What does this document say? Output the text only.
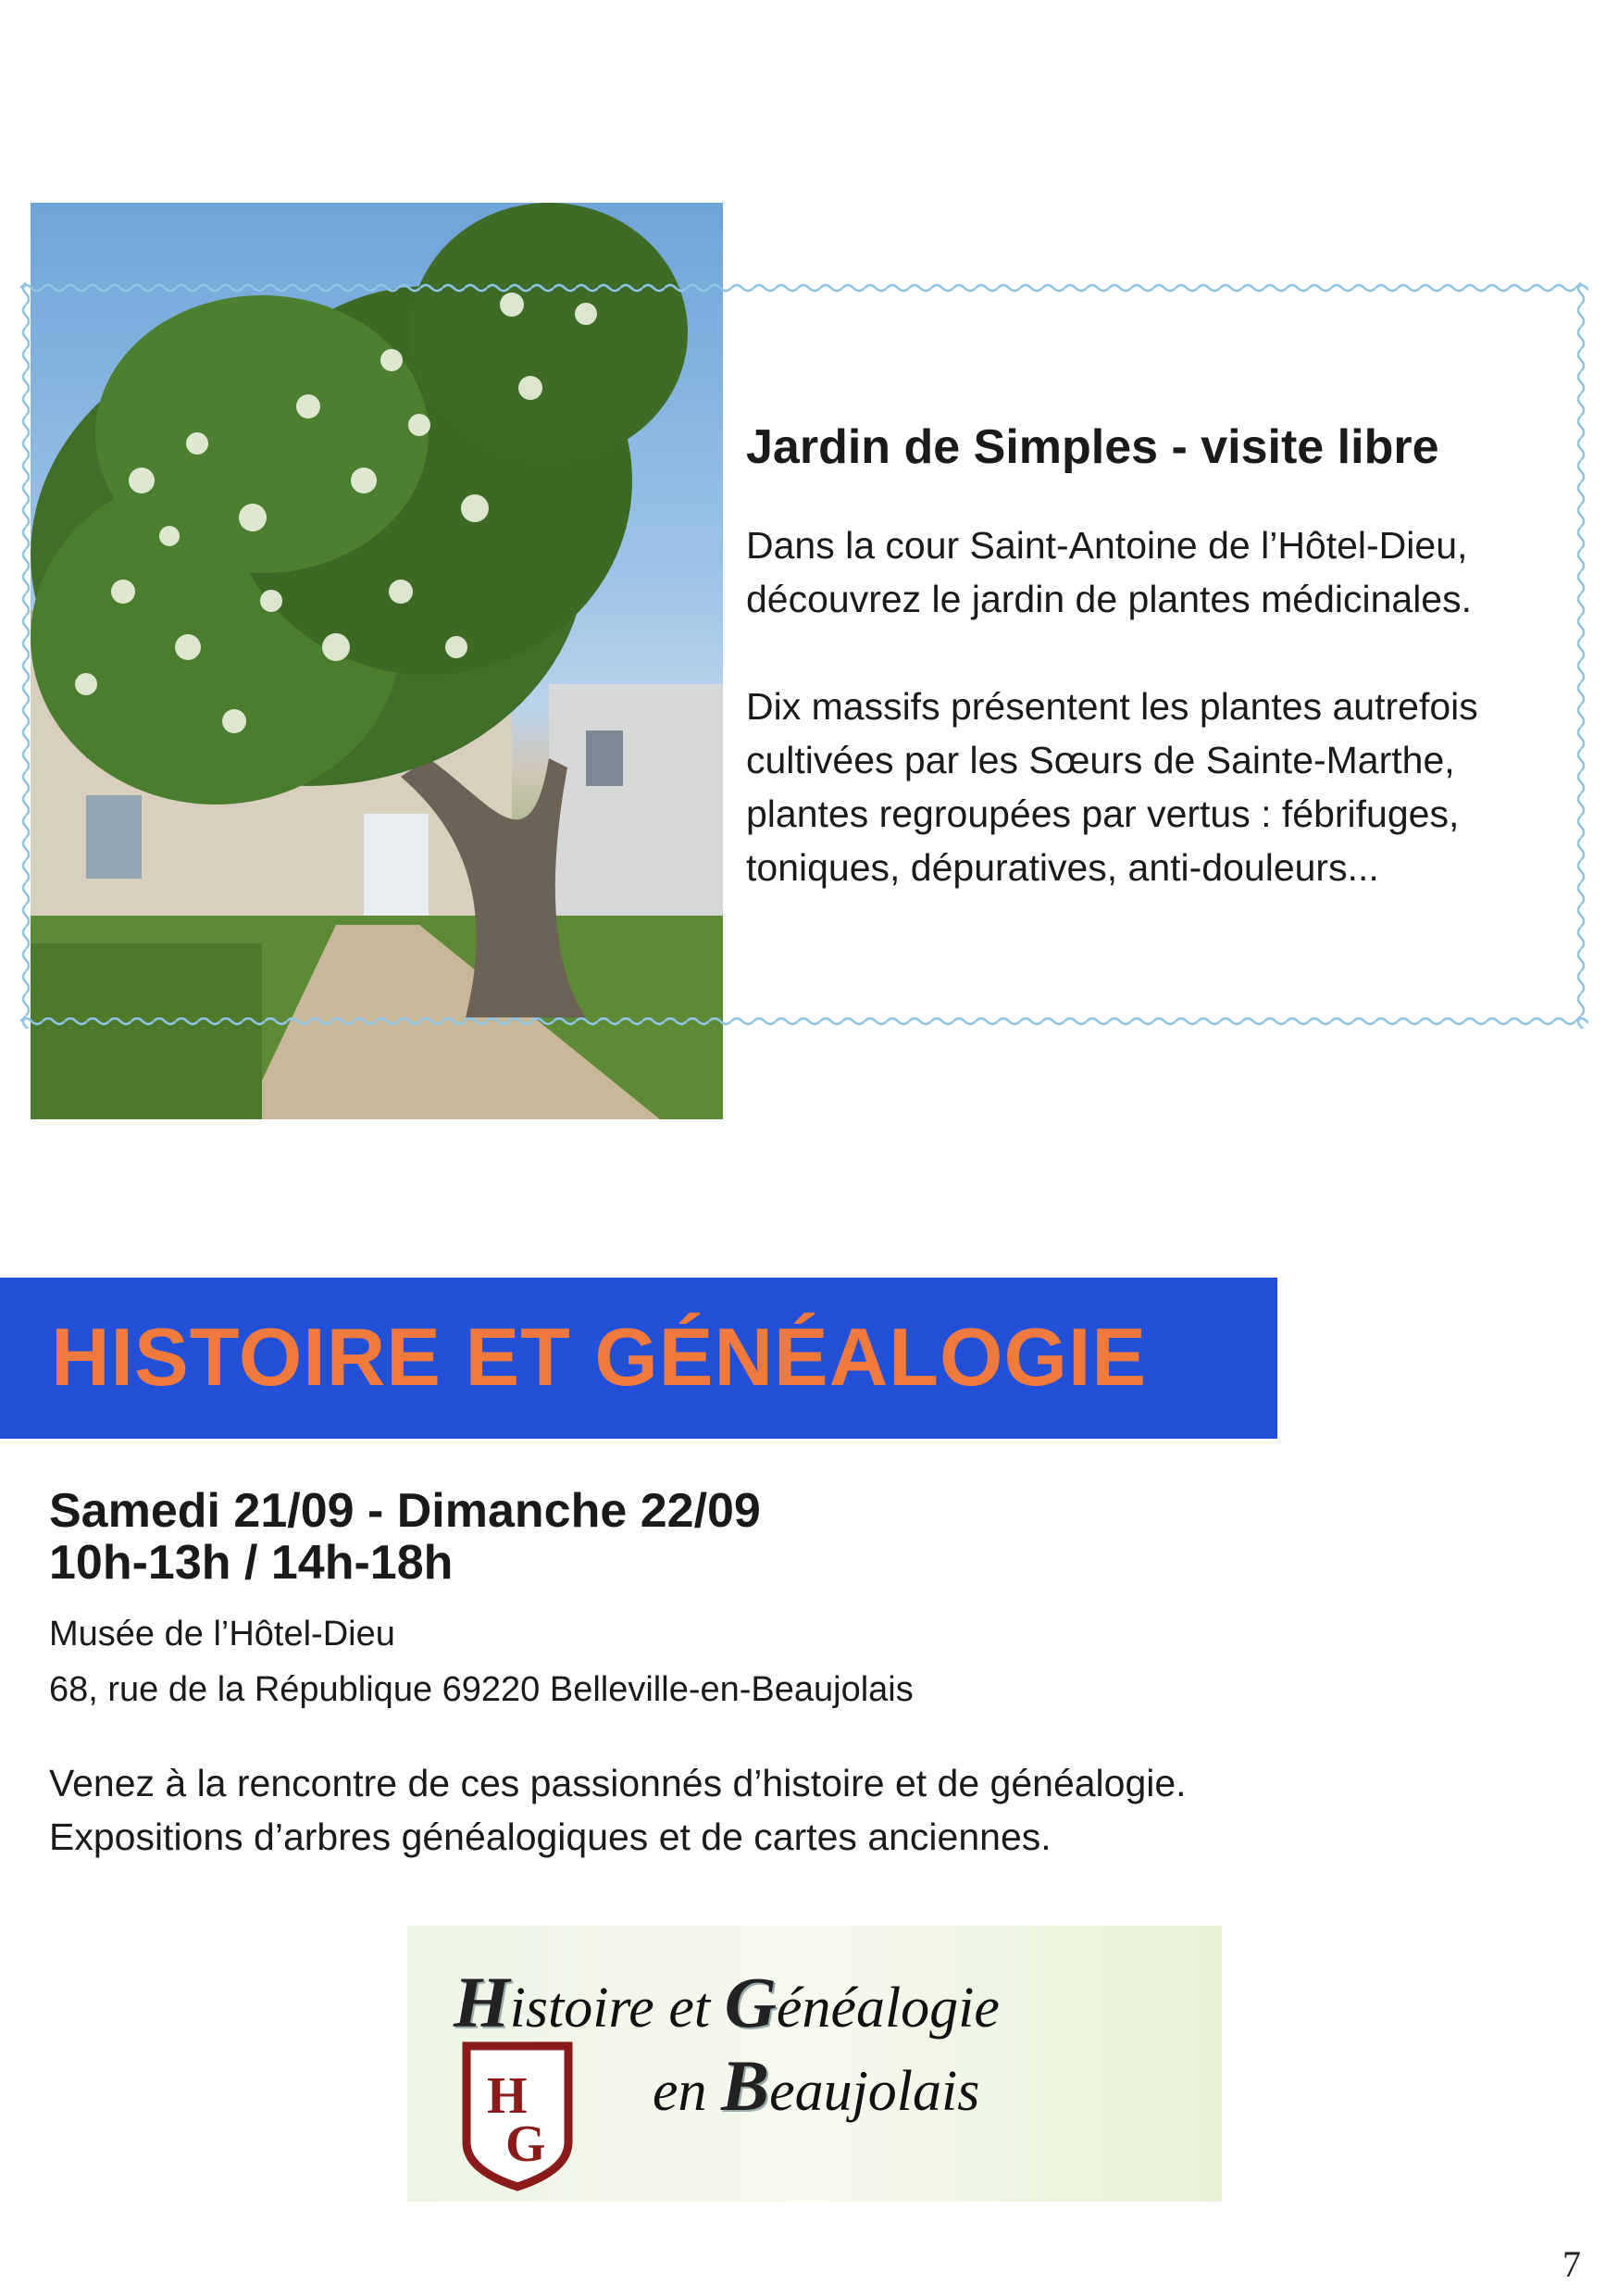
Jardin de Simples - visite libre

Dans la cour Saint-Antoine de l’Hôtel-Dieu,
découvrez le jardin de plantes médicinales.

Dix massifs présentent les plantes autrefois
cultivées par les Sœurs de Sainte-Marthe,
plantes regroupées par vertus : fébrifuges,
toniques, dépuratives, anti-douleurs...

HISTOIRE ET GÉNÉALOGIE
Samedi 21/09 - Dimanche 22/09
10h-13h / 14h-18h
Musée de l’Hôtel-Dieu
68, rue de la République 69220 Belleville-en-Beaujolais
Venez à la rencontre de ces passionnés d’histoire et de généalogie.
Expositions d’arbres généalogiques et de cartes anciennes.
Histoire et Généalogie
H
G
en Beaujolais
7
